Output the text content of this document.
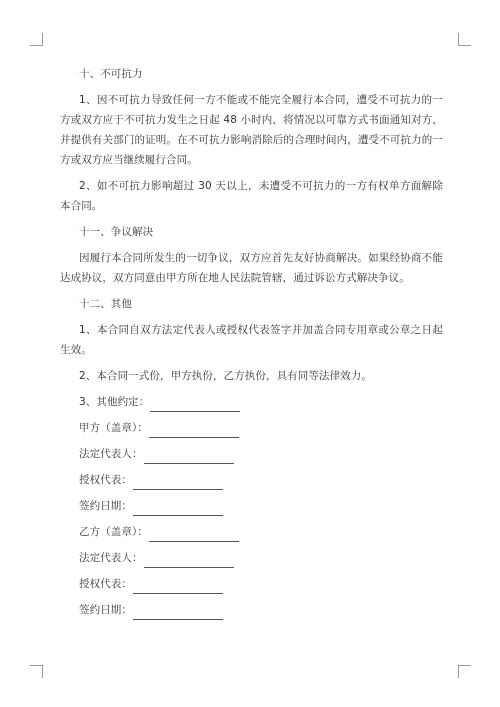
十、不可抗力
1、因不可抗力导致任何一方不能或不能完全履行本合同，遭受不可抗力的一方或双方应于不可抗力发生之日起 48 小时内，将情况以可靠方式书面通知对方，并提供有关部门的证明。在不可抗力影响消除后的合理时间内，遭受不可抗力的一方或双方应当继续履行合同。
2、如不可抗力影响超过 30 天以上，未遭受不可抗力的一方有权单方面解除本合同。
十一、争议解决
因履行本合同所发生的一切争议，双方应首先友好协商解决。如果经协商不能达成协议，双方同意由甲方所在地人民法院管辖，通过诉讼方式解决争议。
十二、其他
1、本合同自双方法定代表人或授权代表签字并加盖合同专用章或公章之日起生效。
2、本合同一式份，甲方执份，乙方执份，具有同等法律效力。
3、其他约定：
甲方（盖章）：
法定代表人：
授权代表：
签约日期：
乙方（盖章）：
法定代表人：
授权代表：
签约日期：
